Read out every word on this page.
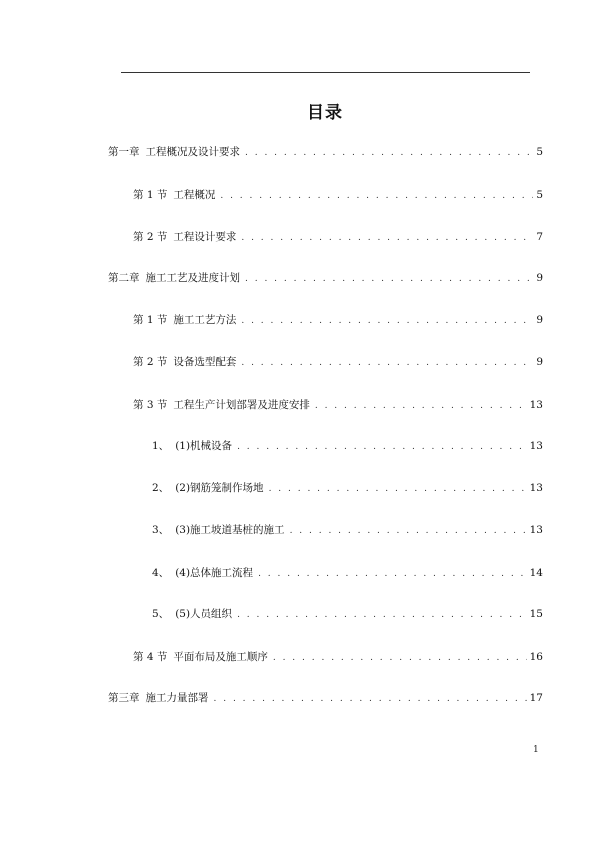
目录
第一章 工程概况及设计要求 . . .	5
第 1 节 工程概况 . . .	5
第 2 节 工程设计要求 . . .	7
第二章 施工工艺及进度计划 . . .	9
第 1 节 施工工艺方法 . . .	9
第 2 节 设备选型配套 . . .	9
第 3 节 工程生产计划部署及进度安排 . . .	13
1、 (1)机械设备 . . .	13
2、 (2)钢筋笼制作场地 . . .	13
3、 (3)施工坡道基桩的施工 . . .	13
4、 (4)总体施工流程 . . .	14
5、 (5)人员组织 . . .	15
第 4 节 平面布局及施工顺序 . . .	16
第三章 施工力量部署 . . .	17
1
